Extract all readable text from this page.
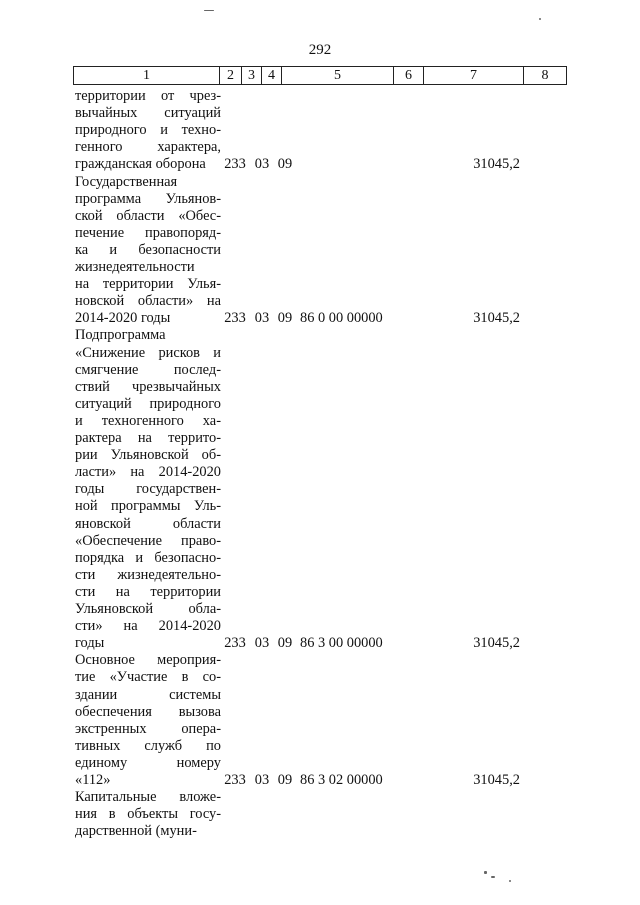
292
1	2	3 4	5	6	7	8
территории от чрез-
вычайных ситуаций
природного и техно-
генного характера,
гражданская оборона	233 03 09	31045,2
Государственная
программа Ульянов-
ской области «Обес-
печение правопоряд-
ка и безопасности
жизнедеятельности
на территории Улья-
новской области» на
2014-2020 годы	233 03 09 86 0 00 00000	31045,2
Подпрограмма
«Снижение рисков и
смягчение послед-
ствий чрезвычайных
ситуаций природного
и техногенного ха-
рактера на террито-
рии Ульяновской об-
ласти» на 2014-2020
годы государствен-
ной программы Уль-
яновской области
«Обеспечение право-
порядка и безопасно-
сти жизнедеятельно-
сти на территории
Ульяновской обла-
сти» на 2014-2020
годы	233 03 09 86 3 00 00000	31045,2
Основное мероприя-
тие «Участие в со-
здании системы
обеспечения вызова
экстренных опера-
тивных служб по
единому номеру
«112»	233 03 09 86 3 02 00000	31045,2
Капитальные вложе-
ния в объекты госу-
дарственной (муни-
